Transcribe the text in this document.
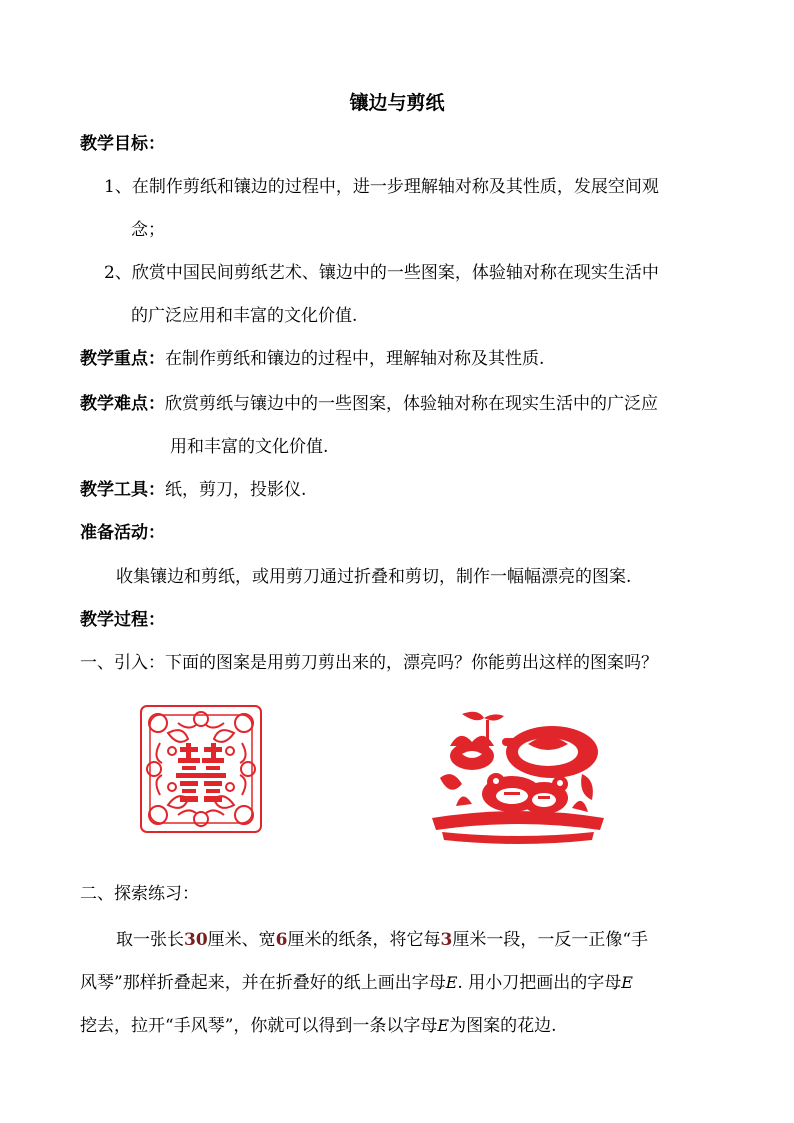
镶边与剪纸
教学目标：
1、在制作剪纸和镶边的过程中，进一步理解轴对称及其性质，发展空间观
念；
2、欣赏中国民间剪纸艺术、镶边中的一些图案，体验轴对称在现实生活中
的广泛应用和丰富的文化价值.
教学重点：在制作剪纸和镶边的过程中，理解轴对称及其性质.
教学难点：欣赏剪纸与镶边中的一些图案，体验轴对称在现实生活中的广泛应
用和丰富的文化价值.
教学工具：纸，剪刀，投影仪.
准备活动：
收集镶边和剪纸，或用剪刀通过折叠和剪切，制作一幅幅漂亮的图案.
教学过程：
一、引入：下面的图案是用剪刀剪出来的，漂亮吗？你能剪出这样的图案吗？
二、探索练习：
取一张长30厘米、宽6厘米的纸条，将它每3厘米一段，一反一正像“手
风琴”那样折叠起来，并在折叠好的纸上画出字母E. 用小刀把画出的字母E
挖去，拉开“手风琴”，你就可以得到一条以字母E为图案的花边.
